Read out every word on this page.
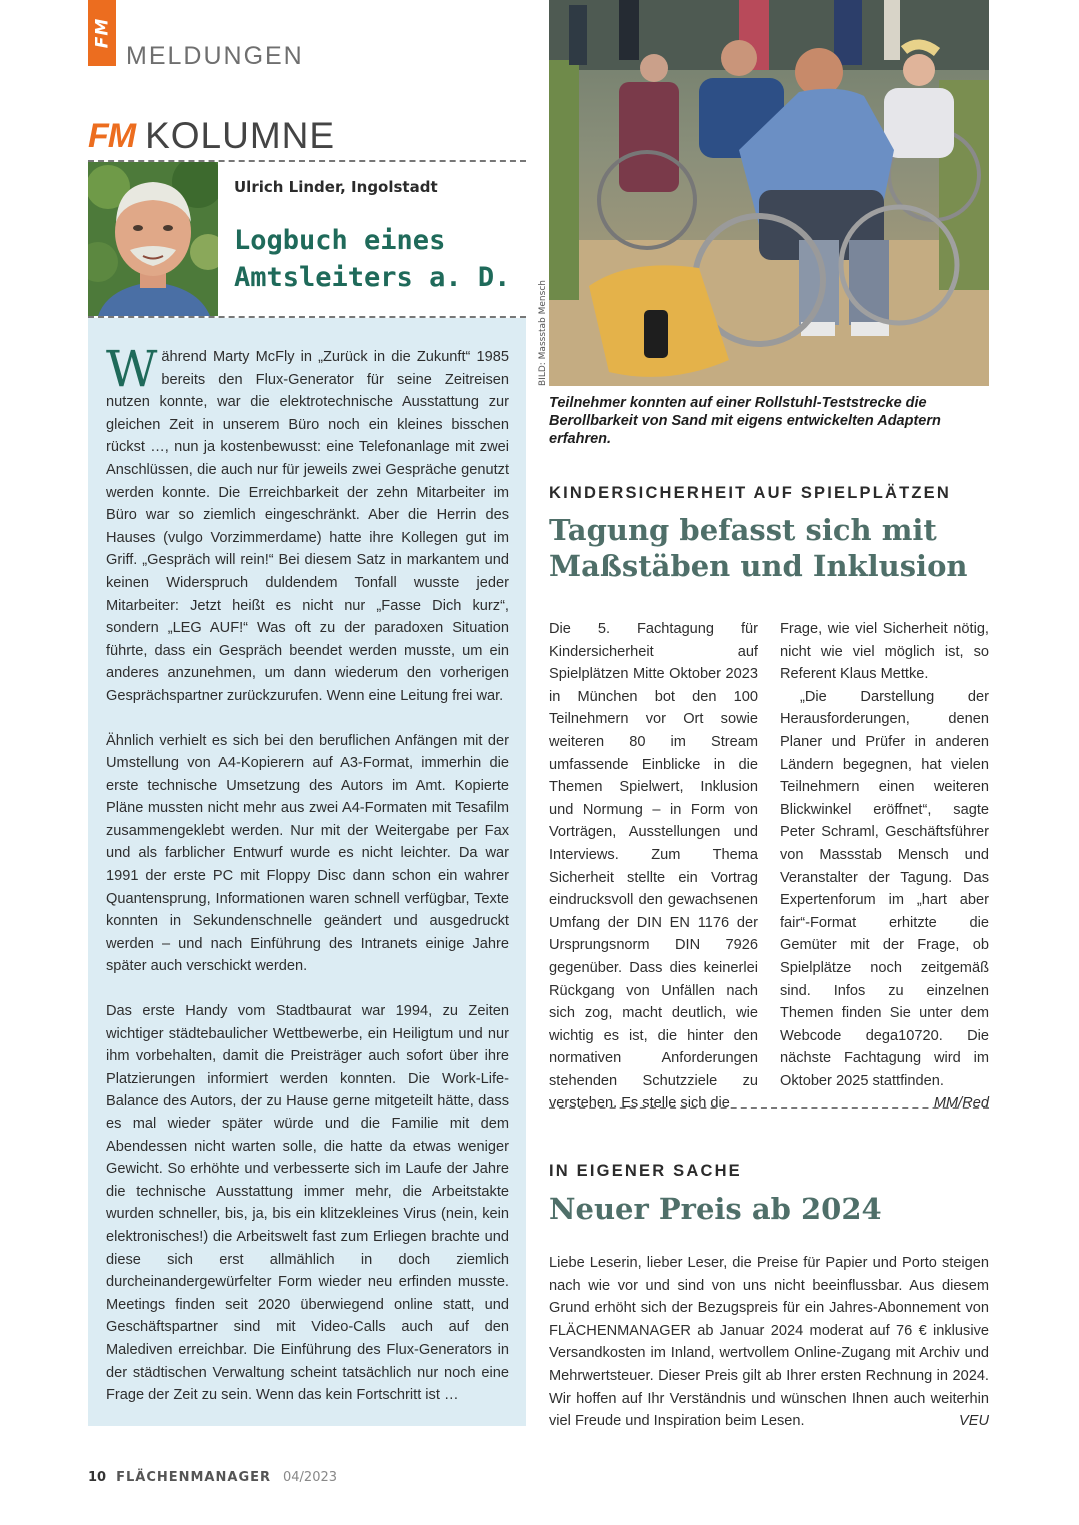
FM
MELDUNGEN
FM KOLUMNE
Ulrich Linder, Ingolstadt
Logbuch eines
Amtsleiters a. D.

Während Marty McFly in „Zurück in die Zukunft“ 1985 bereits den Flux-Generator für seine Zeitreisen nutzen konnte, war die elektrotechnische Ausstattung zur gleichen Zeit in unserem Büro noch ein kleines bisschen rückst …, nun ja kostenbewusst: eine Telefonanlage mit zwei Anschlüssen, die auch nur für jeweils zwei Gespräche genutzt werden konnte. Die Erreichbarkeit der zehn Mitarbeiter im Büro war so ziemlich eingeschränkt. Aber die Herrin des Hauses (vulgo Vorzimmerdame) hatte ihre Kollegen gut im Griff. „Gespräch will rein!“ Bei diesem Satz in markantem und keinen Widerspruch duldendem Tonfall wusste jeder Mitarbeiter: Jetzt heißt es nicht nur „Fasse Dich kurz“, sondern „LEG AUF!“ Was oft zu der paradoxen Situation führte, dass ein Gespräch beendet werden musste, um ein anderes anzunehmen, um dann wiederum den vorherigen Gesprächspartner zurückzurufen. Wenn eine Leitung frei war.

Ähnlich verhielt es sich bei den beruflichen Anfängen mit der Umstellung von A4-Kopierern auf A3-Format, immerhin die erste technische Umsetzung des Autors im Amt. Kopierte Pläne mussten nicht mehr aus zwei A4-Formaten mit Tesafilm zusammengeklebt werden. Nur mit der Weitergabe per Fax und als farblicher Entwurf wurde es nicht leichter. Da war 1991 der erste PC mit Floppy Disc dann schon ein wahrer Quantensprung, Informationen waren schnell verfügbar, Texte konnten in Sekundenschnelle geändert und ausgedruckt werden – und nach Einführung des Intranets einige Jahre später auch verschickt werden.

Das erste Handy vom Stadtbaurat war 1994, zu Zeiten wichtiger städtebaulicher Wettbewerbe, ein Heiligtum und nur ihm vorbehalten, damit die Preisträger auch sofort über ihre Platzierungen informiert werden konnten. Die Work-Life-Balance des Autors, der zu Hause gerne mitgeteilt hätte, dass es mal wieder später würde und die Familie mit dem Abendessen nicht warten solle, die hatte da etwas weniger Gewicht. So erhöhte und verbesserte sich im Laufe der Jahre die technische Ausstattung immer mehr, die Arbeitstakte wurden schneller, bis, ja, bis ein klitzekleines Virus (nein, kein elektronisches!) die Arbeitswelt fast zum Erliegen brachte und diese sich erst allmählich in doch ziemlich durcheinandergewürfelter Form wieder neu erfinden musste. Meetings finden seit 2020 überwiegend online statt, und Geschäftspartner sind mit Video-Calls auch auf den Malediven erreichbar. Die Einführung des Flux-Generators in der städtischen Verwaltung scheint tatsächlich nur noch eine Frage der Zeit zu sein. Wenn das kein Fortschritt ist …

BILD: Massstab Mensch
Teilnehmer konnten auf einer Rollstuhl-Teststrecke die Berollbarkeit von Sand mit eigens entwickelten Adaptern erfahren.
KINDERSICHERHEIT AUF SPIELPLÄTZEN
Tagung befasst sich mit
Maßstäben und Inklusion

Die 5. Fachtagung für Kindersicherheit auf Spielplätzen Mitte Oktober 2023 in München bot den 100 Teilnehmern vor Ort sowie weiteren 80 im Stream umfassende Einblicke in die Themen Spielwert, Inklusion und Normung – in Form von Vorträgen, Ausstellungen und Interviews. Zum Thema Sicherheit stellte ein Vortrag eindrucksvoll den gewachsenen Umfang der DIN EN 1176 der Ursprungsnorm DIN 7926 gegenüber. Dass dies keinerlei Rückgang von Unfällen nach sich zog, macht deutlich, wie wichtig es ist, die hinter den normativen Anforderungen stehenden Schutzziele zu verstehen. Es stelle sich die

Frage, wie viel Sicherheit nötig, nicht wie viel möglich ist, so Referent Klaus Mettke.

„Die Darstellung der Herausforderungen, denen Planer und Prüfer in anderen Ländern begegnen, hat vielen Teilnehmern einen weiteren Blickwinkel eröffnet“, sagte Peter Schraml, Geschäftsführer von Massstab Mensch und Veranstalter der Tagung. Das Expertenforum im „hart aber fair“-Format erhitzte die Gemüter mit der Frage, ob Spielplätze noch zeitgemäß sind. Infos zu einzelnen Themen finden Sie unter dem Webcode dega10720. Die nächste Fachtagung wird im Oktober 2025 stattfinden.
MM/Red

IN EIGENER SACHE
Neuer Preis ab 2024
Liebe Leserin, lieber Leser, die Preise für Papier und Porto steigen nach wie vor und sind von uns nicht beeinflussbar. Aus diesem Grund erhöht sich der Bezugspreis für ein Jahres-Abonnement von FLÄCHENMANAGER ab Januar 2024 moderat auf 76 € inklusive Versandkosten im Inland, wertvollem Online-Zugang mit Archiv und Mehrwertsteuer. Dieser Preis gilt ab Ihrer ersten Rechnung in 2024. Wir hoffen auf Ihr Verständnis und wünschen Ihnen auch weiterhin viel Freude und Inspiration beim Lesen.	VEU
10 FLÄCHENMANAGER 04/2023
